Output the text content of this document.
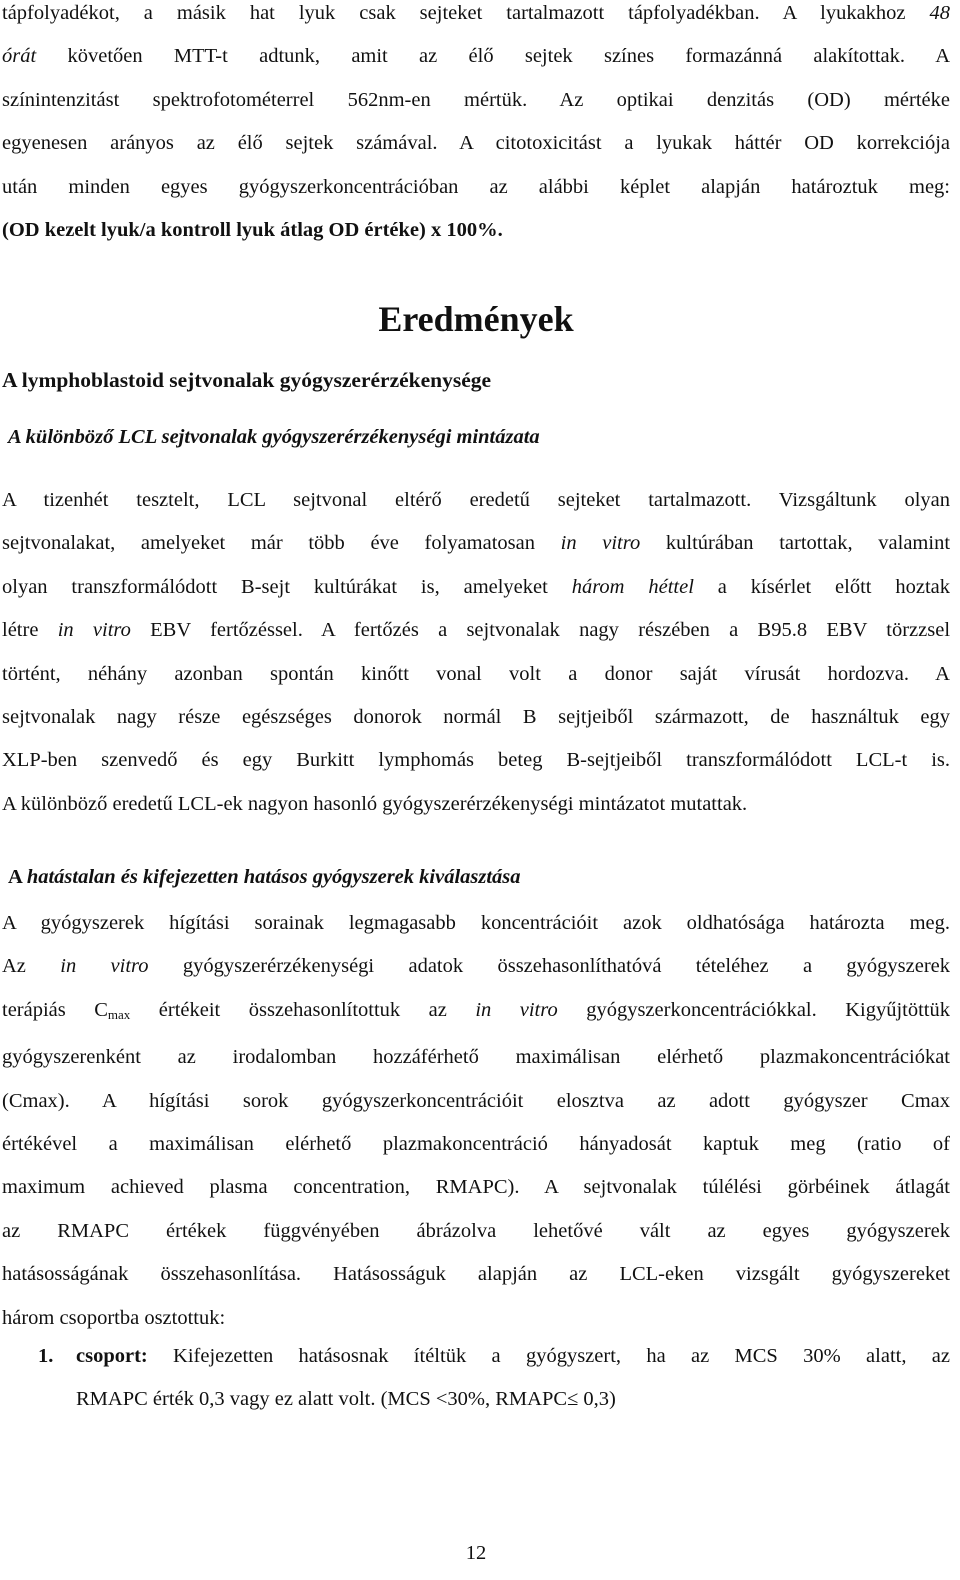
tápfolyadékot, a másik hat lyuk csak sejteket tartalmazott tápfolyadékban. A lyukakhoz 48
órát követően MTT-t adtunk, amit az élő sejtek színes formazánná alakítottak. A
színintenzitást spektrofotométerrel 562nm-en mértük. Az optikai denzitás (OD) mértéke
egyenesen arányos az élő sejtek számával. A citotoxicitást a lyukak háttér OD korrekciója
után minden egyes gyógyszerkoncentrációban az alábbi képlet alapján határoztuk meg:
(OD kezelt lyuk/a kontroll lyuk átlag OD értéke) x 100%.
Eredmények
A lymphoblastoid sejtvonalak gyógyszerérzékenysége
A különböző LCL sejtvonalak gyógyszerérzékenységi mintázata
A tizenhét tesztelt, LCL sejtvonal eltérő eredetű sejteket tartalmazott. Vizsgáltunk olyan
sejtvonalakat, amelyeket már több éve folyamatosan in vitro kultúrában tartottak, valamint
olyan transzformálódott B-sejt kultúrákat is, amelyeket három héttel a kísérlet előtt hoztak
létre in vitro EBV fertőzéssel. A fertőzés a sejtvonalak nagy részében a B95.8 EBV törzzsel
történt, néhány azonban spontán kinőtt vonal volt a donor saját vírusát hordozva. A
sejtvonalak nagy része egészséges donorok normál B sejtjeiből származott, de használtuk egy
XLP-ben szenvedő és egy Burkitt lymphomás beteg B-sejtjeiből transzformálódott LCL-t is.
A különböző eredetű LCL-ek nagyon hasonló gyógyszerérzékenységi mintázatot mutattak.
A hatástalan és kifejezetten hatásos gyógyszerek kiválasztása
A gyógyszerek hígítási sorainak legmagasabb koncentrációit azok oldhatósága határozta meg.
Az in vitro gyógyszerérzékenységi adatok összehasonlíthatóvá tételéhez a gyógyszerek
terápiás $C_{max}$ értékeit összehasonlítottuk az in vitro gyógyszerkoncentrációkkal. Kigyűjtöttük
gyógyszerenként az irodalomban hozzáférhető maximálisan elérhető plazmakoncentrációkat
(Cmax). A hígítási sorok gyógyszerkoncentrációit elosztva az adott gyógyszer Cmax
értékével a maximálisan elérhető plazmakoncentráció hányadosát kaptuk meg (ratio of
maximum achieved plasma concentration, RMAPC). A sejtvonalak túlélési görbéinek átlagát
az RMAPC értékek függvényében ábrázolva lehetővé vált az egyes gyógyszerek
hatásosságának összehasonlítása. Hatásosságuk alapján az LCL-eken vizsgált gyógyszereket
három csoportba osztottuk:
1. csoport: Kifejezetten hatásosnak ítéltük a gyógyszert, ha az MCS 30% alatt, az
RMAPC érték 0,3 vagy ez alatt volt. (MCS <30%, RMAPC≤ 0,3)
12
